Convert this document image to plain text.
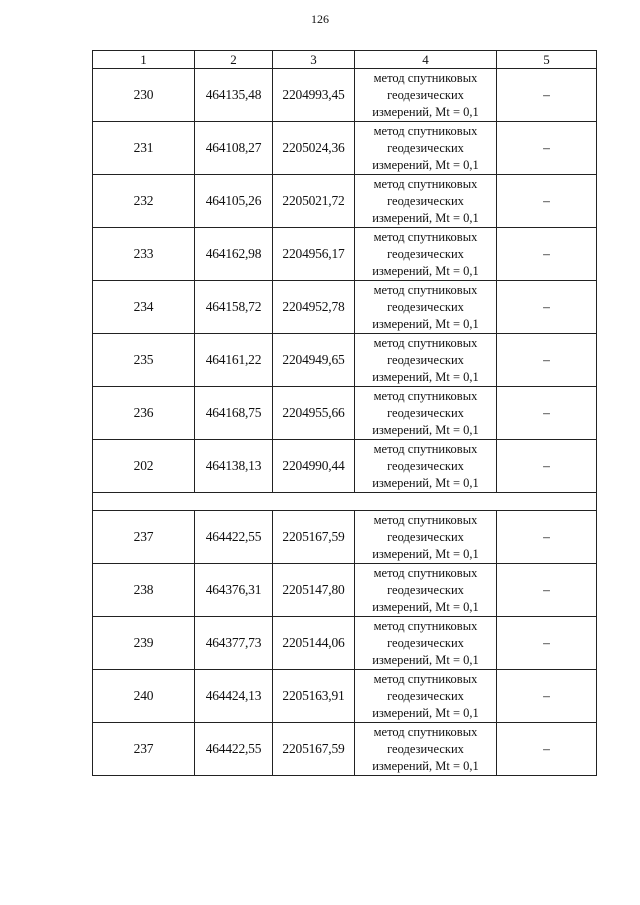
126
1	2	3	4	5
230	464135,48	2204993,45	метод спутниковых
геодезических
измерений, Mt = 0,1	–
231	464108,27	2205024,36	метод спутниковых
геодезических
измерений, Mt = 0,1	–
232	464105,26	2205021,72	метод спутниковых
геодезических
измерений, Mt = 0,1	–
233	464162,98	2204956,17	метод спутниковых
геодезических
измерений, Mt = 0,1	–
234	464158,72	2204952,78	метод спутниковых
геодезических
измерений, Mt = 0,1	–
235	464161,22	2204949,65	метод спутниковых
геодезических
измерений, Mt = 0,1	–
236	464168,75	2204955,66	метод спутниковых
геодезических
измерений, Mt = 0,1	–
202	464138,13	2204990,44	метод спутниковых
геодезических
измерений, Mt = 0,1	–

237	464422,55	2205167,59	метод спутниковых
геодезических
измерений, Mt = 0,1	–
238	464376,31	2205147,80	метод спутниковых
геодезических
измерений, Mt = 0,1	–
239	464377,73	2205144,06	метод спутниковых
геодезических
измерений, Mt = 0,1	–
240	464424,13	2205163,91	метод спутниковых
геодезических
измерений, Mt = 0,1	–
237	464422,55	2205167,59	метод спутниковых
геодезических
измерений, Mt = 0,1	–
